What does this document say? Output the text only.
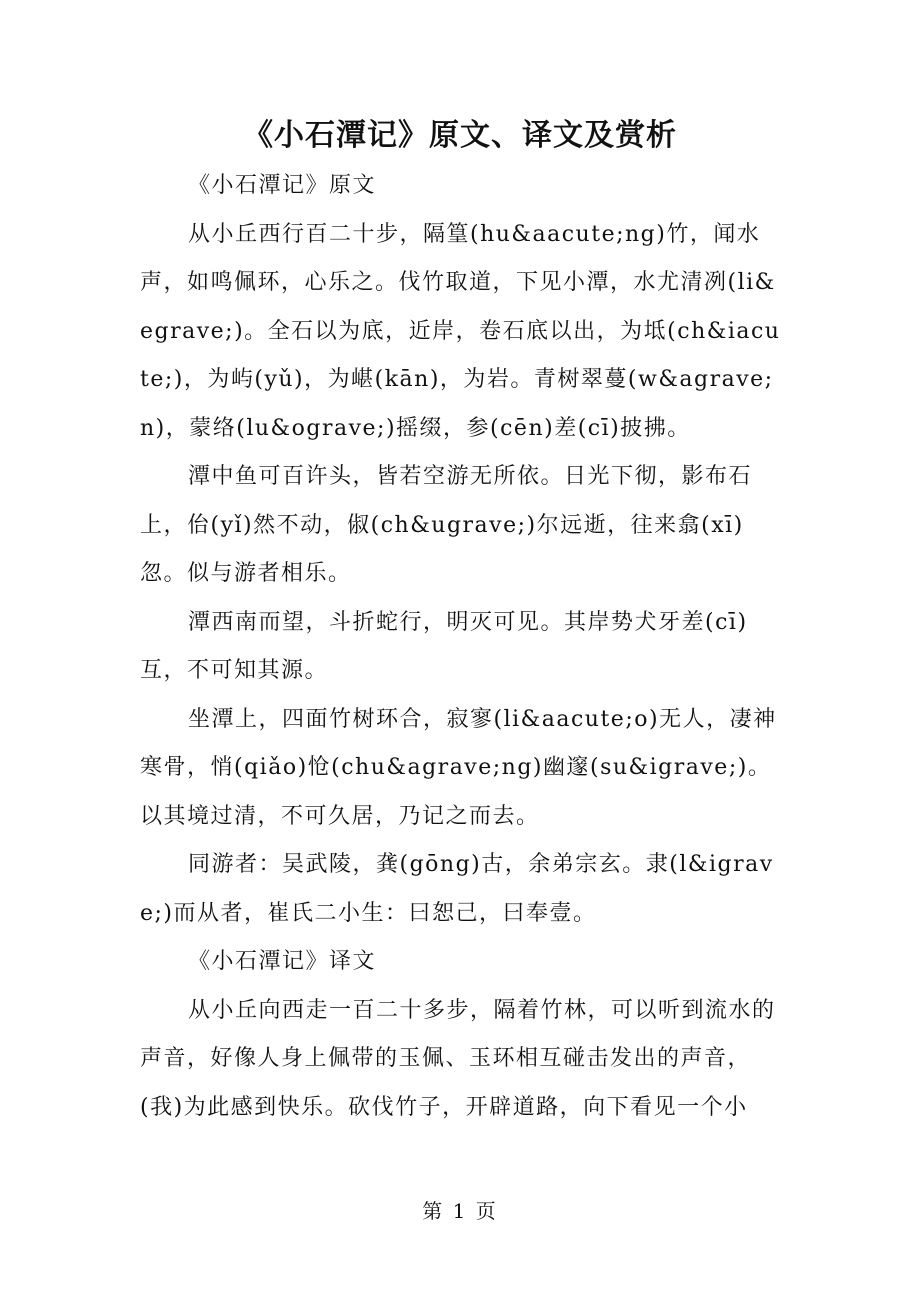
《小石潭记》原文、译文及赏析

《小石潭记》原文

从小丘西行百二十步，隔篁(hu&aacute;ng)竹，闻水声，如鸣佩环，心乐之。伐竹取道，下见小潭，水尤清冽(li&egrave;)。全石以为底，近岸，卷石底以出，为坻(ch&iacute;)，为屿(yǔ)，为嵁(kān)，为岩。青树翠蔓(w&agrave;n)，蒙络(lu&ograve;)摇缀，参(cēn)差(cī)披拂。

潭中鱼可百许头，皆若空游无所依。日光下彻，影布石上，佁(yǐ)然不动，俶(ch&ugrave;)尔远逝，往来翕(xī)忽。似与游者相乐。

潭西南而望，斗折蛇行，明灭可见。其岸势犬牙差(cī)互，不可知其源。

坐潭上，四面竹树环合，寂寥(li&aacute;o)无人，凄神寒骨，悄(qiǎo)怆(chu&agrave;ng)幽邃(su&igrave;)。以其境过清，不可久居，乃记之而去。

同游者：吴武陵，龚(gōng)古，余弟宗玄。隶(l&igrave;)而从者，崔氏二小生：曰恕己，曰奉壹。

《小石潭记》译文

从小丘向西走一百二十多步，隔着竹林，可以听到流水的声音，好像人身上佩带的玉佩、玉环相互碰击发出的声音，(我)为此感到快乐。砍伐竹子，开辟道路，向下看见一个小

第 1 页
